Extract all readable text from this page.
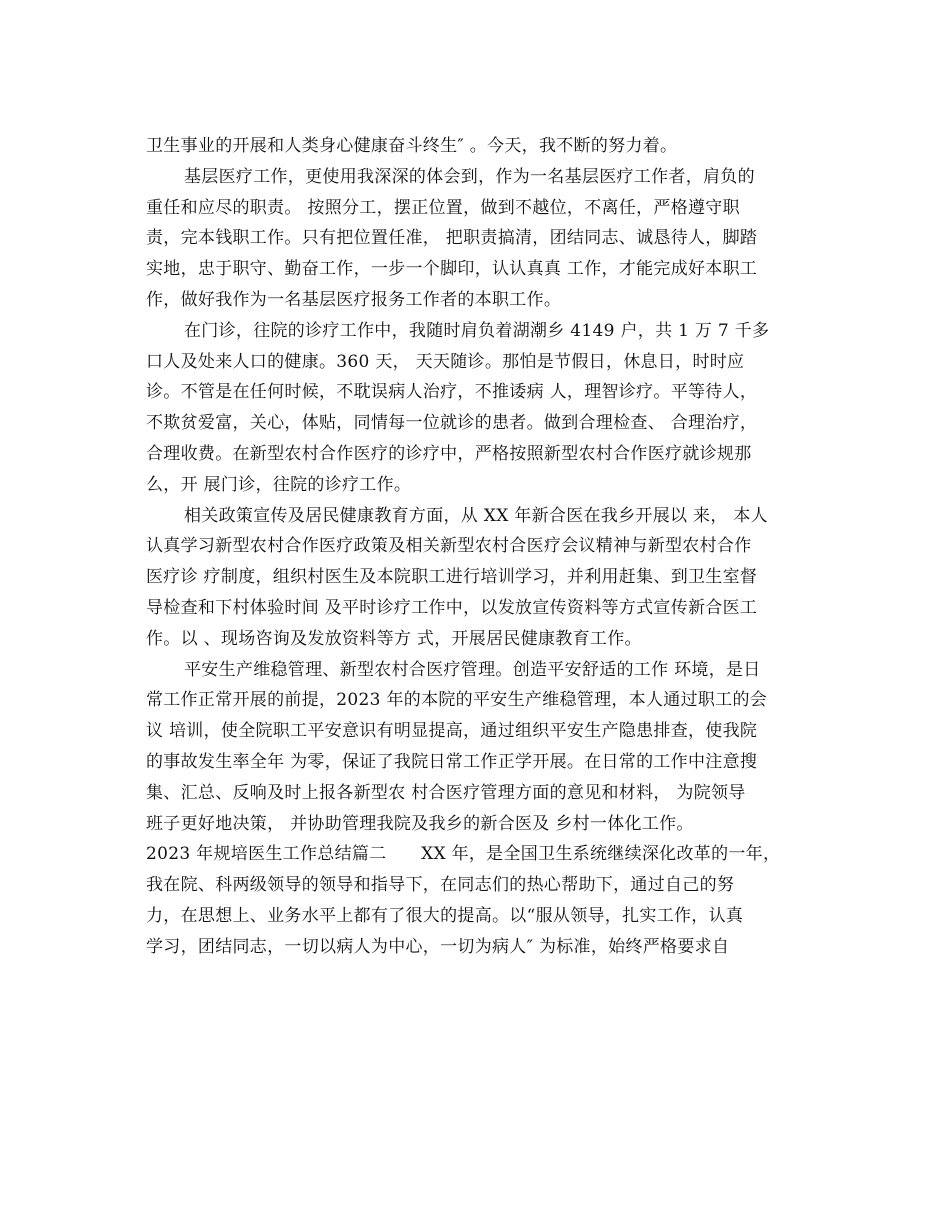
卫生事业的开展和人类身心健康奋斗终生″ 。今天，我不断的努力着。
基层医疗工作，更使用我深深的体会到，作为一名基层医疗工作者，肩负的
重任和应尽的职责。 按照分工，摆正位置，做到不越位，不离任，严格遵守职
责，完本钱职工作。只有把位置任准， 把职责搞清，团结同志、诚恳待人，脚踏
实地，忠于职守、勤奋工作，一步一个脚印，认认真真 工作，才能完成好本职工
作，做好我作为一名基层医疗报务工作者的本职工作。
在门诊，往院的诊疗工作中，我随时肩负着湖潮乡 4149 户，共 1 万 7 千多
口人及处来人口的健康。360 天， 天天随诊。那怕是节假日，休息日，时时应
诊。不管是在任何时候，不耽误病人治疗，不推诿病 人，理智诊疗。平等待人，
不欺贫爱富，关心，体贴，同情每一位就诊的患者。做到合理检查、 合理治疗，
合理收费。在新型农村合作医疗的诊疗中，严格按照新型农村合作医疗就诊规那
么，开 展门诊，往院的诊疗工作。
相关政策宣传及居民健康教育方面，从 XX 年新合医在我乡开展以 来， 本人
认真学习新型农村合作医疗政策及相关新型农村合医疗会议精神与新型农村合作
医疗诊 疗制度，组织村医生及本院职工进行培训学习，并利用赶集、到卫生室督
导检查和下村体验时间 及平时诊疗工作中，以发放宣传资料等方式宣传新合医工
作。以 、现场咨询及发放资料等方 式，开展居民健康教育工作。
平安生产维稳管理、新型农村合医疗管理。创造平安舒适的工作 环境，是日
常工作正常开展的前提，2023 年的本院的平安生产维稳管理，本人通过职工的会
议 培训，使全院职工平安意识有明显提高，通过组织平安生产隐患排查，使我院
的事故发生率全年 为零，保证了我院日常工作正学开展。在日常的工作中注意搜
集、汇总、反响及时上报各新型农 村合医疗管理方面的意见和材料， 为院领导
班子更好地决策， 并协助管理我院及我乡的新合医及 乡村一体化工作。
2023 年规培医生工作总结篇二　　XX 年，是全国卫生系统继续深化改革的一年，
我在院、科两级领导的领导和指导下，在同志们的热心帮助下，通过自己的努
力，在思想上、业务水平上都有了很大的提高。以“服从领导，扎实工作，认真
学习，团结同志，一切以病人为中心，一切为病人″ 为标准，始终严格要求自
